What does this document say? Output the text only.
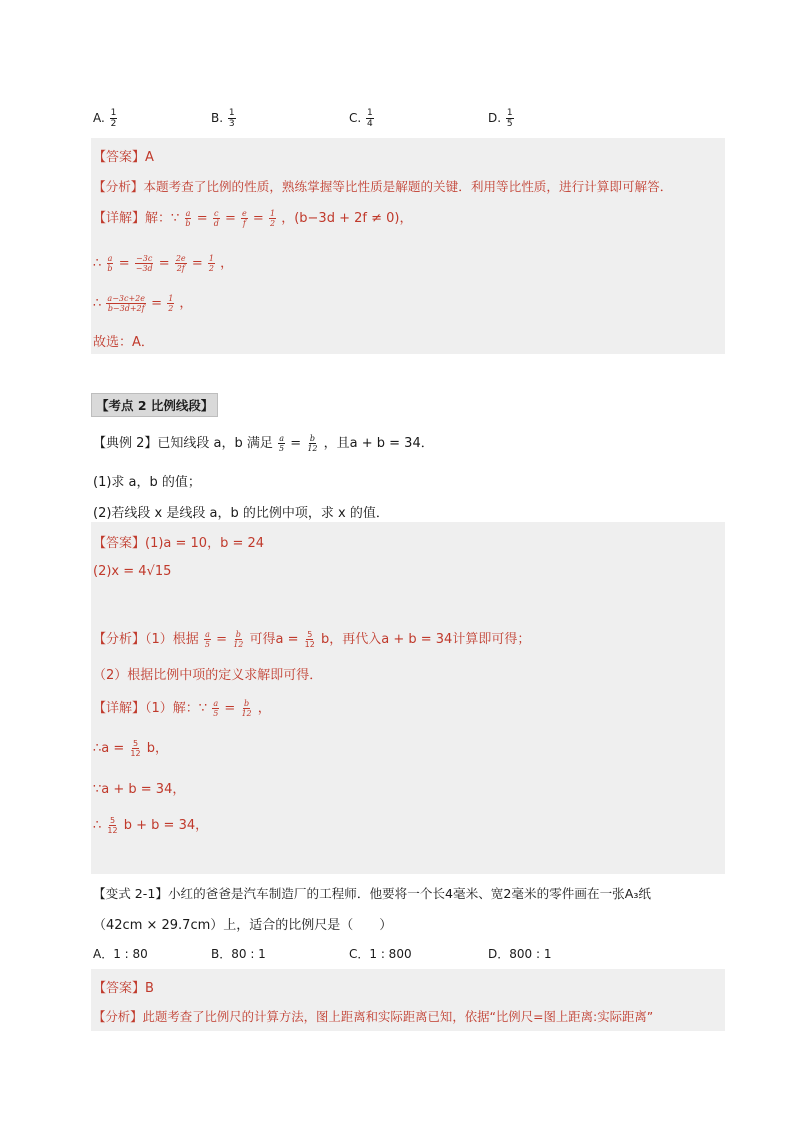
A. $\frac{1}{2}$	B. $\frac{1}{3}$	C. $\frac{1}{4}$	D. $\frac{1}{5}$
【答案】A
【分析】本题考查了比例的性质，熟练掌握等比性质是解题的关键．利用等比性质，进行计算即可解答．
【详解】解：∵ $\frac{a}{b} = \frac{c}{d} = \frac{e}{f} = \frac{1}{2}$ ，(b−3d + 2f ≠ 0)，
∴ $\frac{a}{b} = \frac{-3c}{-3d} = \frac{2e}{2f} = \frac{1}{2}$ ，
∴ $\frac{a-3c+2e}{b-3d+2f} = \frac{1}{2}$ ，
故选：A．
【考点 2 比例线段】
【典例 2】已知线段 a，b 满足 $\frac{a}{5} = \frac{b}{12}$ ，且a + b = 34．
(1)求 a，b 的值；
(2)若线段 x 是线段 a，b 的比例中项，求 x 的值．
【答案】(1)a = 10，b = 24
(2)x = 4√15
【分析】（1）根据 $\frac{a}{5} = \frac{b}{12}$ 可得$a = \frac{5}{12}$ b，再代入a + b = 34计算即可得；
（2）根据比例中项的定义求解即可得．
【详解】（1）解：∵ $\frac{a}{5} = \frac{b}{12}$ ，
∴a = $\frac{5}{12}$ b，
∵a + b = 34，
∴ $\frac{5}{12}$ b + b = 34，
【变式 2-1】小红的爸爸是汽车制造厂的工程师．他要将一个长4毫米、宽2毫米的零件画在一张A₃纸
（42cm × 29.7cm）上，适合的比例尺是（　　）
A．1 : 80	B．80 : 1	C．1 : 800	D．800 : 1
【答案】B
【分析】此题考查了比例尺的计算方法，图上距离和实际距离已知，依据“比例尺=图上距离:实际距离”
